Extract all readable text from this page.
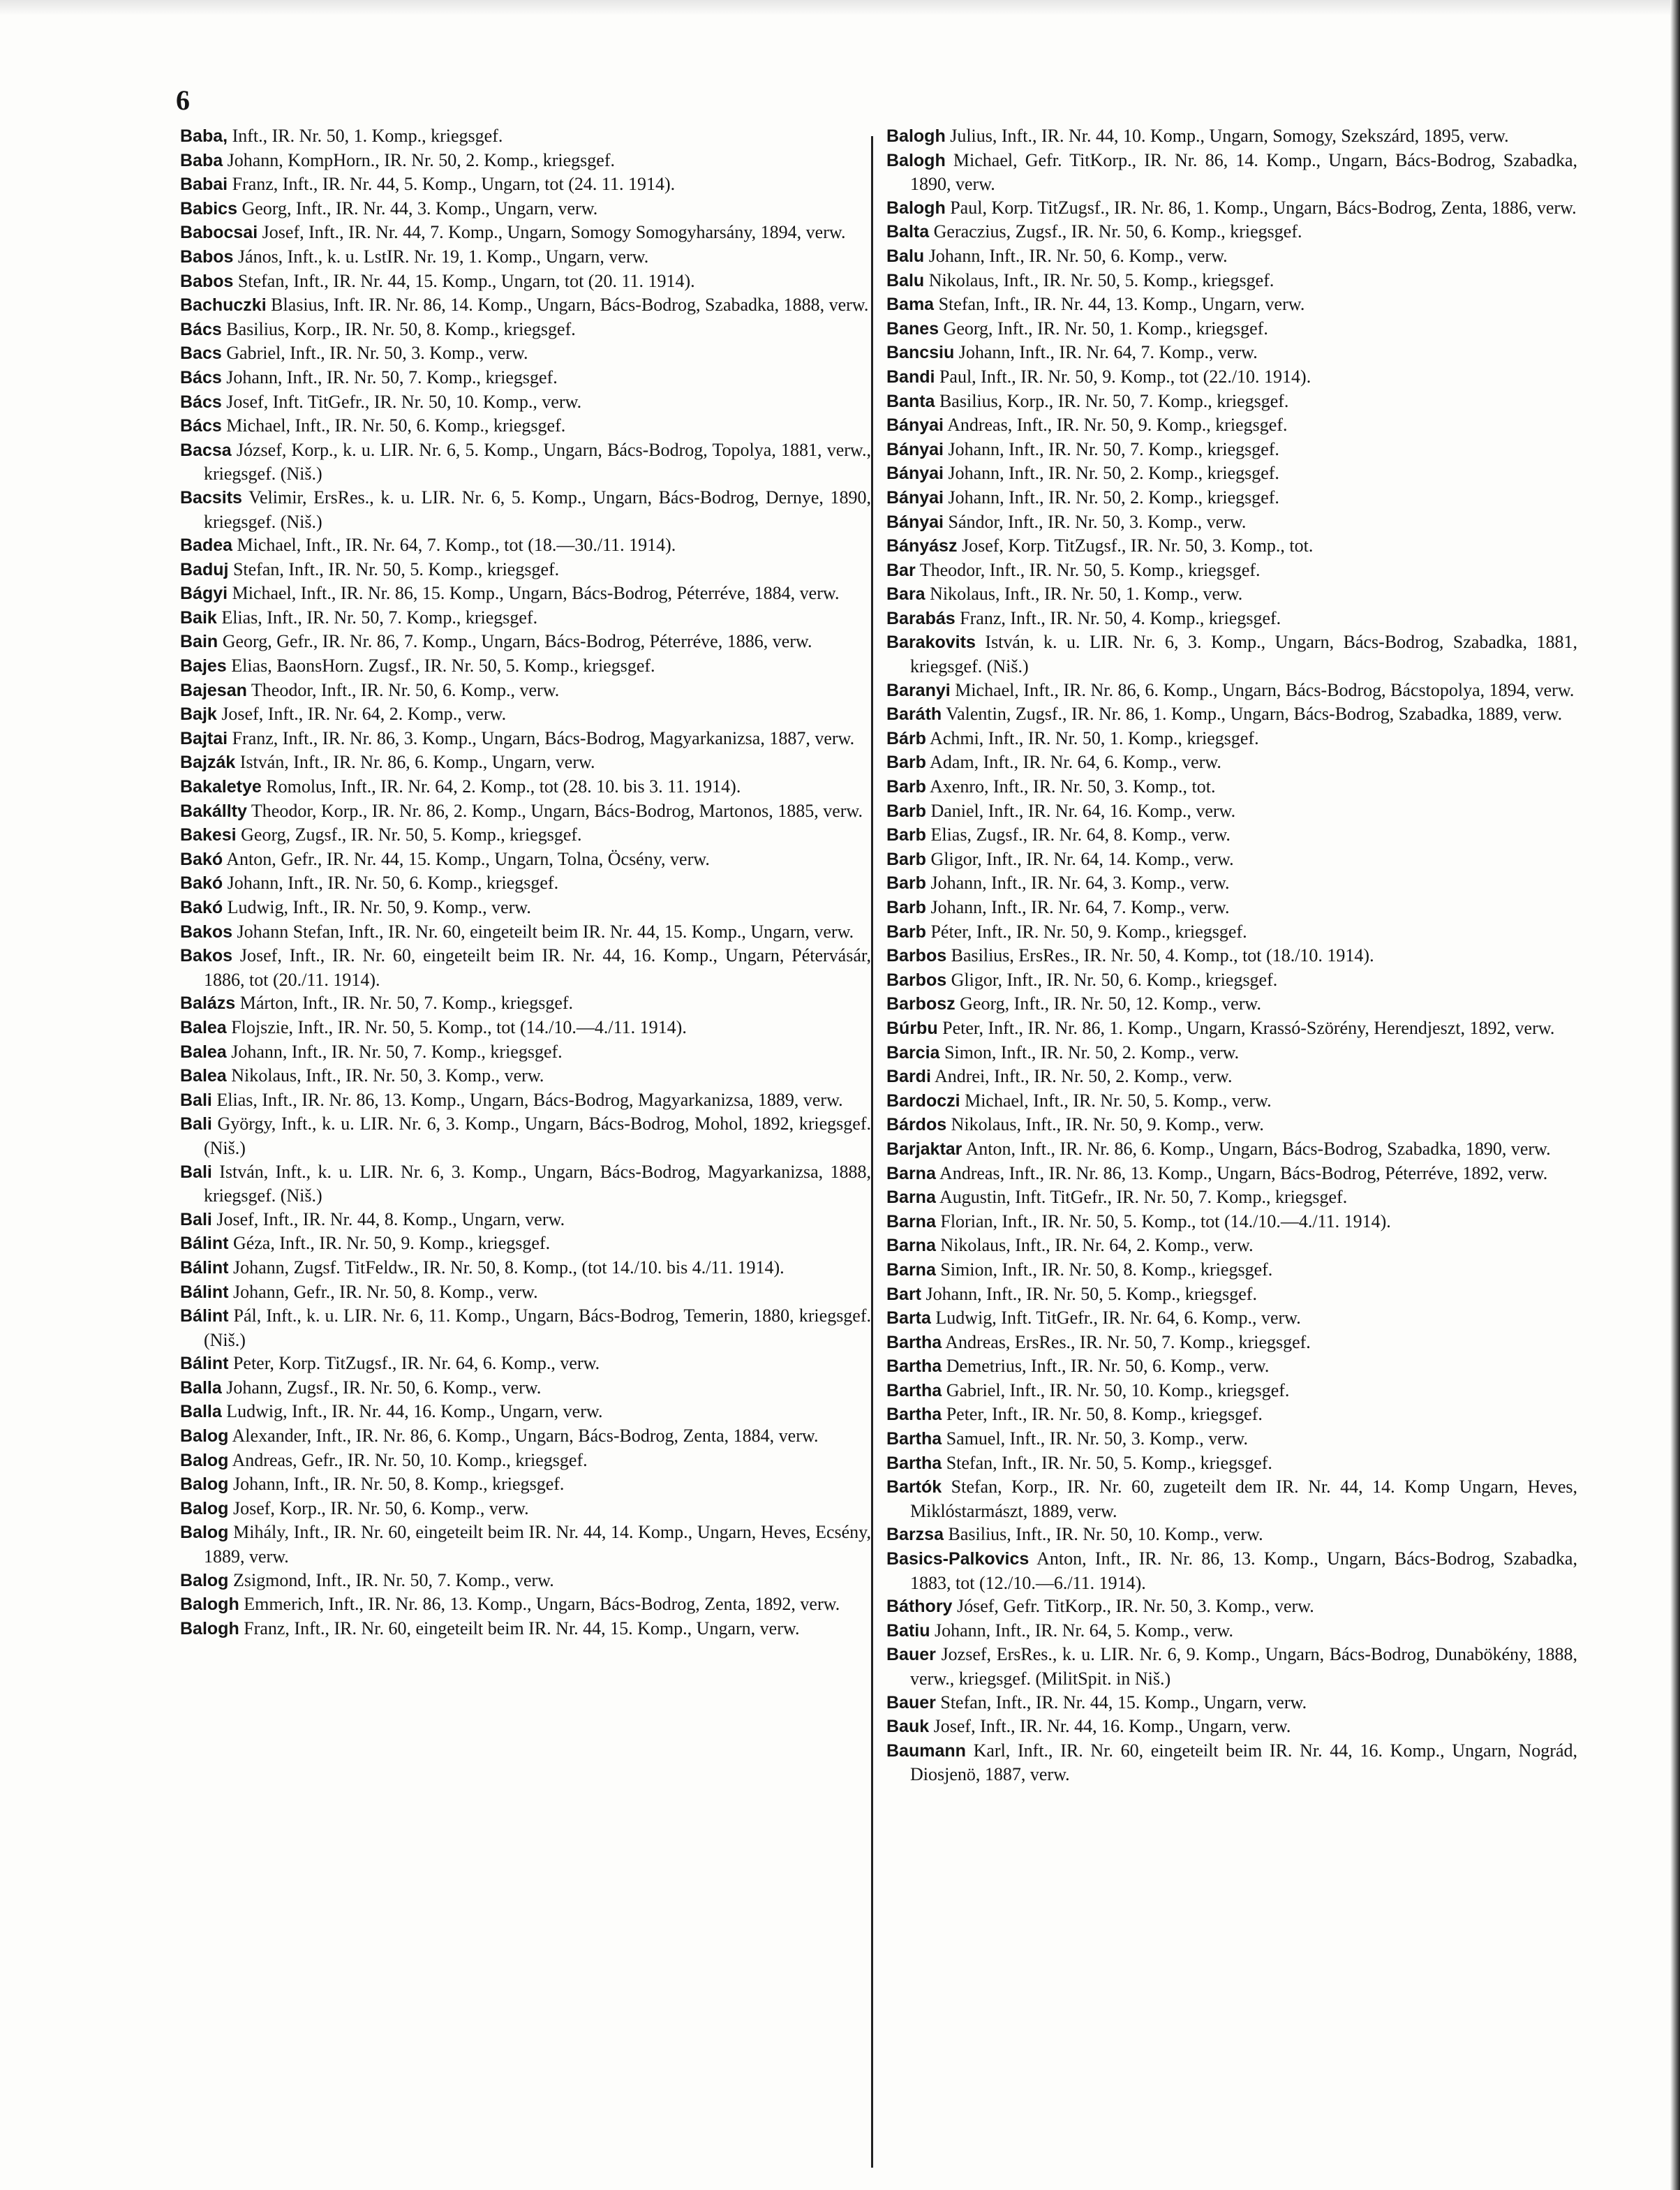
6

Baba, Inft., IR. Nr. 50, 1. Komp., kriegsgef.

Baba Johann, KompHorn., IR. Nr. 50, 2. Komp., kriegsgef.

Babai Franz, Inft., IR. Nr. 44, 5. Komp., Ungarn, tot (24. 11. 1914).

Babics Georg, Inft., IR. Nr. 44, 3. Komp., Ungarn, verw.

Babocsai Josef, Inft., IR. Nr. 44, 7. Komp., Ungarn, Somogy Somogyharsány, 1894, verw.

Babos János, Inft., k. u. LstIR. Nr. 19, 1. Komp., Ungarn, verw.

Babos Stefan, Inft., IR. Nr. 44, 15. Komp., Ungarn, tot (20. 11. 1914).

Bachuczki Blasius, Inft. IR. Nr. 86, 14. Komp., Ungarn, Bács-Bodrog, Szabadka, 1888, verw.

Bács Basilius, Korp., IR. Nr. 50, 8. Komp., kriegsgef.

Bacs Gabriel, Inft., IR. Nr. 50, 3. Komp., verw.

Bács Johann, Inft., IR. Nr. 50, 7. Komp., kriegsgef.

Bács Josef, Inft. TitGefr., IR. Nr. 50, 10. Komp., verw.

Bács Michael, Inft., IR. Nr. 50, 6. Komp., kriegsgef.

Bacsa József, Korp., k. u. LIR. Nr. 6, 5. Komp., Ungarn, Bács-Bodrog, Topolya, 1881, verw., kriegsgef. (Niš.)

Bacsits Velimir, ErsRes., k. u. LIR. Nr. 6, 5. Komp., Ungarn, Bács-Bodrog, Dernye, 1890, kriegsgef. (Niš.)

Badea Michael, Inft., IR. Nr. 64, 7. Komp., tot (18.—30./11. 1914).

Baduj Stefan, Inft., IR. Nr. 50, 5. Komp., kriegsgef.

Bágyi Michael, Inft., IR. Nr. 86, 15. Komp., Ungarn, Bács-Bodrog, Péterréve, 1884, verw.

Baik Elias, Inft., IR. Nr. 50, 7. Komp., kriegsgef.

Bain Georg, Gefr., IR. Nr. 86, 7. Komp., Ungarn, Bács-Bodrog, Péterréve, 1886, verw.

Bajes Elias, BaonsHorn. Zugsf., IR. Nr. 50, 5. Komp., kriegsgef.

Bajesan Theodor, Inft., IR. Nr. 50, 6. Komp., verw.

Bajk Josef, Inft., IR. Nr. 64, 2. Komp., verw.

Bajtai Franz, Inft., IR. Nr. 86, 3. Komp., Ungarn, Bács-Bodrog, Magyarkanizsa, 1887, verw.

Bajzák István, Inft., IR. Nr. 86, 6. Komp., Ungarn, verw.

Bakaletye Romolus, Inft., IR. Nr. 64, 2. Komp., tot (28. 10. bis 3. 11. 1914).

Bakállty Theodor, Korp., IR. Nr. 86, 2. Komp., Ungarn, Bács-Bodrog, Martonos, 1885, verw.

Bakesi Georg, Zugsf., IR. Nr. 50, 5. Komp., kriegsgef.

Bakó Anton, Gefr., IR. Nr. 44, 15. Komp., Ungarn, Tolna, Öcsény, verw.

Bakó Johann, Inft., IR. Nr. 50, 6. Komp., kriegsgef.

Bakó Ludwig, Inft., IR. Nr. 50, 9. Komp., verw.

Bakos Johann Stefan, Inft., IR. Nr. 60, eingeteilt beim IR. Nr. 44, 15. Komp., Ungarn, verw.

Bakos Josef, Inft., IR. Nr. 60, eingeteilt beim IR. Nr. 44, 16. Komp., Ungarn, Pétervásár, 1886, tot (20./11. 1914).

Balázs Márton, Inft., IR. Nr. 50, 7. Komp., kriegsgef.

Balea Flojszie, Inft., IR. Nr. 50, 5. Komp., tot (14./10.—4./11. 1914).

Balea Johann, Inft., IR. Nr. 50, 7. Komp., kriegsgef.

Balea Nikolaus, Inft., IR. Nr. 50, 3. Komp., verw.

Bali Elias, Inft., IR. Nr. 86, 13. Komp., Ungarn, Bács-Bodrog, Magyarkanizsa, 1889, verw.

Bali György, Inft., k. u. LIR. Nr. 6, 3. Komp., Ungarn, Bács-Bodrog, Mohol, 1892, kriegsgef. (Niš.)

Bali István, Inft., k. u. LIR. Nr. 6, 3. Komp., Ungarn, Bács-Bodrog, Magyarkanizsa, 1888, kriegsgef. (Niš.)

Bali Josef, Inft., IR. Nr. 44, 8. Komp., Ungarn, verw.

Bálint Géza, Inft., IR. Nr. 50, 9. Komp., kriegsgef.

Bálint Johann, Zugsf. TitFeldw., IR. Nr. 50, 8. Komp., (tot 14./10. bis 4./11. 1914).

Bálint Johann, Gefr., IR. Nr. 50, 8. Komp., verw.

Bálint Pál, Inft., k. u. LIR. Nr. 6, 11. Komp., Ungarn, Bács-Bodrog, Temerin, 1880, kriegsgef. (Niš.)

Bálint Peter, Korp. TitZugsf., IR. Nr. 64, 6. Komp., verw.

Balla Johann, Zugsf., IR. Nr. 50, 6. Komp., verw.

Balla Ludwig, Inft., IR. Nr. 44, 16. Komp., Ungarn, verw.

Balog Alexander, Inft., IR. Nr. 86, 6. Komp., Ungarn, Bács-Bodrog, Zenta, 1884, verw.

Balog Andreas, Gefr., IR. Nr. 50, 10. Komp., kriegsgef.

Balog Johann, Inft., IR. Nr. 50, 8. Komp., kriegsgef.

Balog Josef, Korp., IR. Nr. 50, 6. Komp., verw.

Balog Mihály, Inft., IR. Nr. 60, eingeteilt beim IR. Nr. 44, 14. Komp., Ungarn, Heves, Ecsény, 1889, verw.

Balog Zsigmond, Inft., IR. Nr. 50, 7. Komp., verw.

Balogh Emmerich, Inft., IR. Nr. 86, 13. Komp., Ungarn, Bács-Bodrog, Zenta, 1892, verw.

Balogh Franz, Inft., IR. Nr. 60, eingeteilt beim IR. Nr. 44, 15. Komp., Ungarn, verw.

Balogh Julius, Inft., IR. Nr. 44, 10. Komp., Ungarn, Somogy, Szekszárd, 1895, verw.

Balogh Michael, Gefr. TitKorp., IR. Nr. 86, 14. Komp., Ungarn, Bács-Bodrog, Szabadka, 1890, verw.

Balogh Paul, Korp. TitZugsf., IR. Nr. 86, 1. Komp., Ungarn, Bács-Bodrog, Zenta, 1886, verw.

Balta Geraczius, Zugsf., IR. Nr. 50, 6. Komp., kriegsgef.

Balu Johann, Inft., IR. Nr. 50, 6. Komp., verw.

Balu Nikolaus, Inft., IR. Nr. 50, 5. Komp., kriegsgef.

Bama Stefan, Inft., IR. Nr. 44, 13. Komp., Ungarn, verw.

Banes Georg, Inft., IR. Nr. 50, 1. Komp., kriegsgef.

Bancsiu Johann, Inft., IR. Nr. 64, 7. Komp., verw.

Bandi Paul, Inft., IR. Nr. 50, 9. Komp., tot (22./10. 1914).

Banta Basilius, Korp., IR. Nr. 50, 7. Komp., kriegsgef.

Bányai Andreas, Inft., IR. Nr. 50, 9. Komp., kriegsgef.

Bányai Johann, Inft., IR. Nr. 50, 7. Komp., kriegsgef.

Bányai Johann, Inft., IR. Nr. 50, 2. Komp., kriegsgef.

Bányai Johann, Inft., IR. Nr. 50, 2. Komp., kriegsgef.

Bányai Sándor, Inft., IR. Nr. 50, 3. Komp., verw.

Bányász Josef, Korp. TitZugsf., IR. Nr. 50, 3. Komp., tot.

Bar Theodor, Inft., IR. Nr. 50, 5. Komp., kriegsgef.

Bara Nikolaus, Inft., IR. Nr. 50, 1. Komp., verw.

Barabás Franz, Inft., IR. Nr. 50, 4. Komp., kriegsgef.

Barakovits István, k. u. LIR. Nr. 6, 3. Komp., Ungarn, Bács-Bodrog, Szabadka, 1881, kriegsgef. (Niš.)

Baranyi Michael, Inft., IR. Nr. 86, 6. Komp., Ungarn, Bács-Bodrog, Bácstopolya, 1894, verw.

Baráth Valentin, Zugsf., IR. Nr. 86, 1. Komp., Ungarn, Bács-Bodrog, Szabadka, 1889, verw.

Bárb Achmi, Inft., IR. Nr. 50, 1. Komp., kriegsgef.

Barb Adam, Inft., IR. Nr. 64, 6. Komp., verw.

Barb Axenro, Inft., IR. Nr. 50, 3. Komp., tot.

Barb Daniel, Inft., IR. Nr. 64, 16. Komp., verw.

Barb Elias, Zugsf., IR. Nr. 64, 8. Komp., verw.

Barb Gligor, Inft., IR. Nr. 64, 14. Komp., verw.

Barb Johann, Inft., IR. Nr. 64, 3. Komp., verw.

Barb Johann, Inft., IR. Nr. 64, 7. Komp., verw.

Barb Péter, Inft., IR. Nr. 50, 9. Komp., kriegsgef.

Barbos Basilius, ErsRes., IR. Nr. 50, 4. Komp., tot (18./10. 1914).

Barbos Gligor, Inft., IR. Nr. 50, 6. Komp., kriegsgef.

Barbosz Georg, Inft., IR. Nr. 50, 12. Komp., verw.

Búrbu Peter, Inft., IR. Nr. 86, 1. Komp., Ungarn, Krassó-Szörény, Herendjeszt, 1892, verw.

Barcia Simon, Inft., IR. Nr. 50, 2. Komp., verw.

Bardi Andrei, Inft., IR. Nr. 50, 2. Komp., verw.

Bardoczi Michael, Inft., IR. Nr. 50, 5. Komp., verw.

Bárdos Nikolaus, Inft., IR. Nr. 50, 9. Komp., verw.

Barjaktar Anton, Inft., IR. Nr. 86, 6. Komp., Ungarn, Bács-Bodrog, Szabadka, 1890, verw.

Barna Andreas, Inft., IR. Nr. 86, 13. Komp., Ungarn, Bács-Bodrog, Péterréve, 1892, verw.

Barna Augustin, Inft. TitGefr., IR. Nr. 50, 7. Komp., kriegsgef.

Barna Florian, Inft., IR. Nr. 50, 5. Komp., tot (14./10.—4./11. 1914).

Barna Nikolaus, Inft., IR. Nr. 64, 2. Komp., verw.

Barna Simion, Inft., IR. Nr. 50, 8. Komp., kriegsgef.

Bart Johann, Inft., IR. Nr. 50, 5. Komp., kriegsgef.

Barta Ludwig, Inft. TitGefr., IR. Nr. 64, 6. Komp., verw.

Bartha Andreas, ErsRes., IR. Nr. 50, 7. Komp., kriegsgef.

Bartha Demetrius, Inft., IR. Nr. 50, 6. Komp., verw.

Bartha Gabriel, Inft., IR. Nr. 50, 10. Komp., kriegsgef.

Bartha Peter, Inft., IR. Nr. 50, 8. Komp., kriegsgef.

Bartha Samuel, Inft., IR. Nr. 50, 3. Komp., verw.

Bartha Stefan, Inft., IR. Nr. 50, 5. Komp., kriegsgef.

Bartók Stefan, Korp., IR. Nr. 60, zugeteilt dem IR. Nr. 44, 14. Komp Ungarn, Heves, Miklóstarmászt, 1889, verw.

Barzsa Basilius, Inft., IR. Nr. 50, 10. Komp., verw.

Basics-Palkovics Anton, Inft., IR. Nr. 86, 13. Komp., Ungarn, Bács-Bodrog, Szabadka, 1883, tot (12./10.—6./11. 1914).

Báthory Jósef, Gefr. TitKorp., IR. Nr. 50, 3. Komp., verw.

Batiu Johann, Inft., IR. Nr. 64, 5. Komp., verw.

Bauer Jozsef, ErsRes., k. u. LIR. Nr. 6, 9. Komp., Ungarn, Bács-Bodrog, Dunabökény, 1888, verw., kriegsgef. (MilitSpit. in Niš.)

Bauer Stefan, Inft., IR. Nr. 44, 15. Komp., Ungarn, verw.

Bauk Josef, Inft., IR. Nr. 44, 16. Komp., Ungarn, verw.

Baumann Karl, Inft., IR. Nr. 60, eingeteilt beim IR. Nr. 44, 16. Komp., Ungarn, Nográd, Diosjenö, 1887, verw.
